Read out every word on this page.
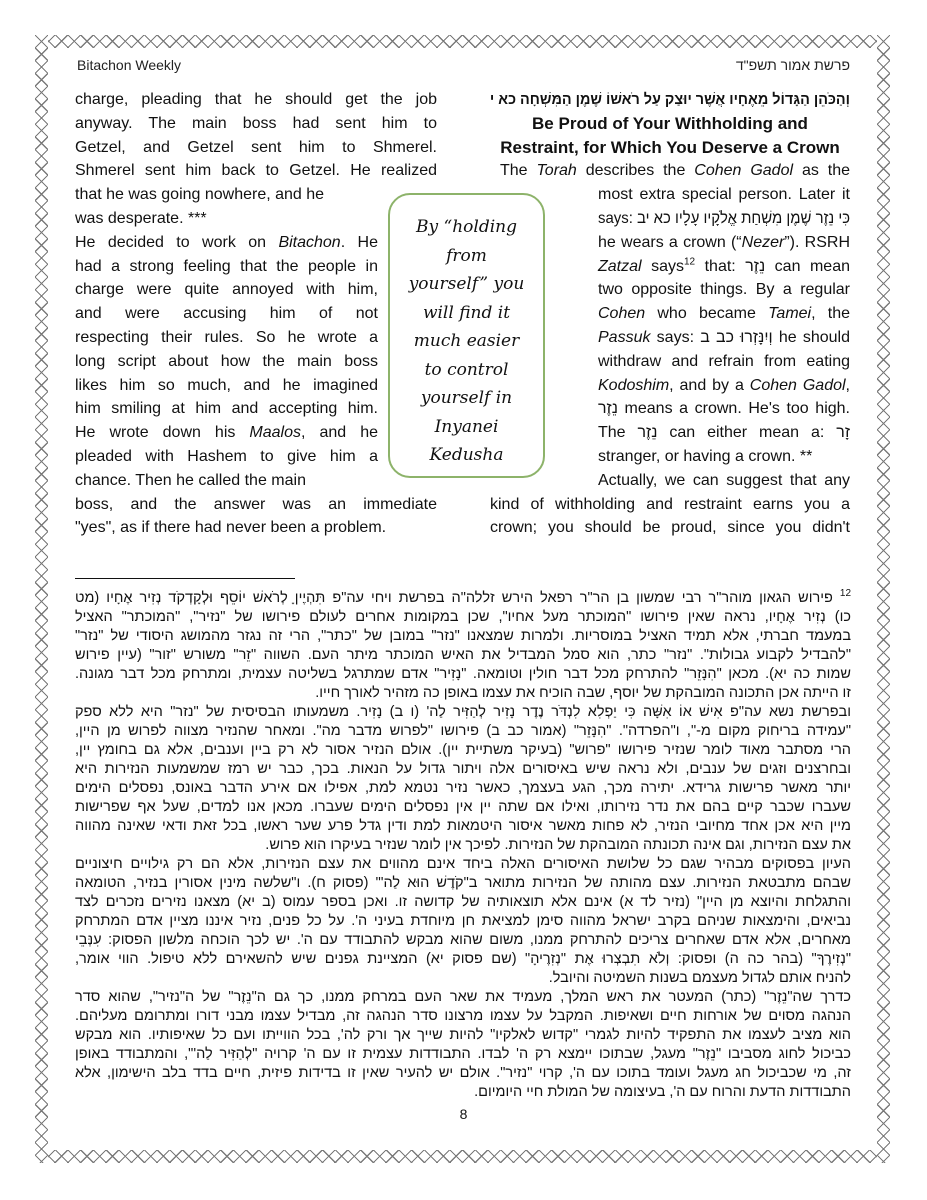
Bitachon Weekly	פרשת אמור תשפ"ד
charge, pleading that he should get the job
anyway. The main boss had sent him to
Getzel, and Getzel sent him to Shmerel.
Shmerel sent him back to Getzel. He realized
that he was going nowhere, and he
was desperate. ***
He decided to work on Bitachon. He
had a strong feeling that the people in
charge were quite annoyed with him,
and were accusing him of not
respecting their rules. So he wrote a
long script about how the main boss
likes him so much, and he imagined
him smiling at him and accepting him.
He wrote down his Maalos, and he
pleaded with Hashem to give him a
chance. Then he called the main
boss, and the answer was an immediate
"yes", as if there had never been a problem.
וְהַכֹּהֵן הַגָּדוֹל מֵאֶחָיו אֲשֶׁר יוּצַק עַל רֹאשׁוֹ שֶׁמֶן הַמִּשְׁחָה כא י
Be Proud of Your Withholding and
Restraint, for Which You Deserve a Crown
The Torah describes the Cohen Gadol as the
most extra special person. Later it
says: כִּי נֵזֶר שֶׁמֶן מִשְׁחַת אֱלֹקָיו עָלָיו כא יב
he wears a crown (“Nezer”). RSRH
Zatzal says$^{12}$ that: נֵזֶר can mean
two opposite things. By a regular
Cohen who became Tamei, the
Passuk says: וְיִנָּזְרוּ כב ב he should
withdraw and refrain from eating
Kodoshim, and by a Cohen Gadol,
נֵזֶר means a crown. He's too high.
The נֵזֶר can either mean a: זָר
stranger, or having a crown. **
Actually, we can suggest that any
kind of withholding and restraint earns you a
crown; you should be proud, since you didn't
By “holding
from
yourself” you
will find it
much easier
to control
yourself in
Inyanei
Kedusha
$^{12}$ פירוש הגאון מוהר"ר רבי שמשון בן הר"ר רפאל הירש זללה"ה בפרשת ויחי עה"פ תִּהְיֶיןָ לְרֹאשׁ יוֹסֵף וּלְקָדְקֹד נְזִיר אֶחָיו (מט
כו) נְזִיר אֶחָיו, נראה שאין פירושו "המוכתר מעל אחיו", שכן במקומות אחרים לעולם פירושו של "נזיר", "המוכתר" האציל
במעמד חברתי, אלא תמיד האציל במוסריות. ולמרות שמצאנו "נזר" במובן של "כתר", הרי זה נגזר מהמושג היסודי של "נזר"
"להבדיל לקבוע גבולות". "נזר" כתר, הוא סמל המבדיל את האיש המוכתר מיתר העם. השווה "זֵר" משורש "זור" (עיין פירוש
שמות כה יא). מכאן "הִנָּזֵר" להתרחק מכל דבר חולין וטומאה. "נָזִיר" אדם שמתרגל בשליטה עצמית, ומתרחק מכל דבר מגונה.
זו הייתה אכן התכונה המובהקת של יוסף, שבה הוכיח את עצמו באופן כה מזהיר לאורך חייו.
ובפרשת נשא עה"פ אִישׁ אוֹ אִשָּׁה כִּי יַפְלִא לִנְדֹּר נֶדֶר נָזִיר לְהַזִּיר לַה' (ו ב) נָזִיר. משמעותו הבסיסית של "נזר" היא ללא ספק
"עמידה בריחוק מקום מ-", ו"הפרדה". "הִנָּזֵר" (אמור כב ב) פירושו "לפרוש מדבר מה". ומאחר שהנזיר מצווה לפרוש מן היין,
הרי מסתבר מאוד לומר שנזיר פירושו "פרוש" (בעיקר משתיית יין). אולם הנזיר אסור לא רק ביין וענבים, אלא גם בחומץ יין,
ובחרצנים וזגים של ענבים, ולא נראה שיש באיסורים אלה ויתור גדול על הנאות. בכך, כבר יש רמז שמשמעות הנזירות היא
יותר מאשר פרישות גרידא. יתירה מכך, הגע בעצמך, כאשר נזיר נטמא למת, אפילו אם אירע הדבר באונס, נפסלים הימים
שעברו שכבר קיים בהם את נדר נזירותו, ואילו אם שתה יין אין נפסלים הימים שעברו. מכאן אנו למדים, שעל אף שפרישות
מיין היא אכן אחד מחיובי הנזיר, לא פחות מאשר איסור היטמאות למת ודין גדל פרע שער ראשו, בכל זאת ודאי שאינה מהווה
את עצם הנזירות, וגם אינה תכונתה המובהקת של הנזירות. לפיכך אין לומר שנזיר בעיקרו הוא פרוש.
העיון בפסוקים מבהיר שגם כל שלושת האיסורים האלה ביחד אינם מהווים את עצם הנזירות, אלא הם רק גילויים חיצוניים
שבהם מתבטאת הנזירות. עצם מהותה של הנזירות מתואר ב"קֹדֶשׁ הוּא לַה'" (פסוק ח). ו"שלשה מינין אסורין בנזיר, הטומאה
והתגלחת והיוצא מן היין" (נזיר לד א) אינם אלא תוצאותיה של קדושה זו. ואכן בספר עמוס (ב יא) מצאנו נזירים נזכרים לצד
נביאים, והימצאות שניהם בקרב ישראל מהווה סימן למציאת חן מיוחדת בעיני ה'. על כל פנים, נזיר איננו מציין אדם המתרחק
מאחרים, אלא אדם שאחרים צריכים להתרחק ממנו, משום שהוא מבקש להתבודד עם ה'. יש לכך הוכחה מלשון הפסוק: עִנְּבֵי
"נְזִירֶךָ" (בהר כה ה) ופסוק: וְלֹא תִבְצְרוּ אֶת "נְזִרֶיהָ" (שם פסוק יא) המציינת גפנים שיש להשאירם ללא טיפול. הווי אומר,
להניח אותם לגדול מעצמם בשנות השמיטה והיובל.
כדרך שה"נֵזֶר" (כתר) המעטר את ראש המלך, מעמיד את שאר העם במרחק ממנו, כך גם ה"נֵזֶר" של ה"נזיר", שהוא סדר
הנהגה מסוים של אורחות חיים ושאיפות. המקבל על עצמו מרצונו סדר הנהגה זה, מבדיל עצמו מבני דורו ומתרומם מעליהם.
הוא מציב לעצמו את התפקיד להיות לגמרי "קדוש לאלקיו" להיות שייך אך ורק לה', בכל הווייתו ועם כל שאיפותיו. הוא מבקש
כביכול לחוג מסביבו "נֵזֶר" מעגל, שבתוכו יימצא רק ה' לבדו. התבודדות עצמית זו עם ה' קרויה "לְהַזִּיר לַה'", והמתבודד באופן
זה, מי שכביכול חג מעגל ועומד בתוכו עם ה', קרוי "נזיר". אולם יש להעיר שאין זו בדידות פיזית, חיים בדד בלב הישימון, אלא
התבודדות הדעת והרוח עם ה', בעיצומה של המולת חיי היומיום.
8
